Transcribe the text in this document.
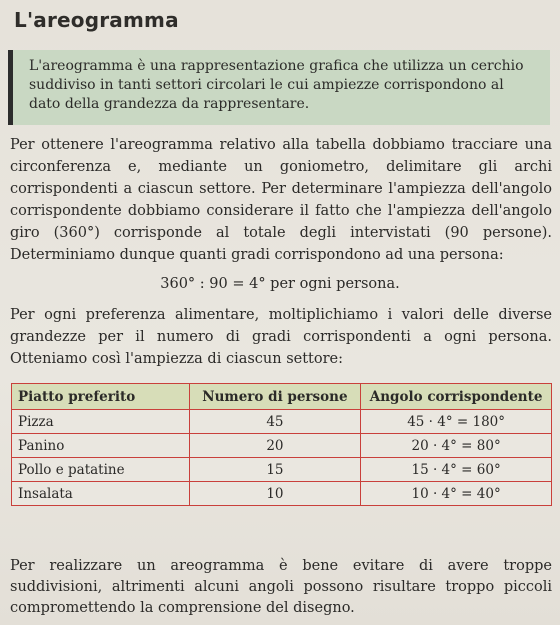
L'areogramma
L'areogramma è una rappresentazione grafica che utilizza un cerchio suddiviso in tanti settori circolari le cui ampiezze corrispondono al dato della grandezza da rappresentare.

Per ottenere l'areogramma relativo alla tabella dobbiamo tracciare una circonferenza e, mediante un goniometro, delimitare gli archi corrispondenti a ciascun settore. Per determinare l'ampiezza dell'angolo corrispondente dobbiamo considerare il fatto che l'ampiezza dell'angolo giro (360°) corrisponde al totale degli intervistati (90 persone). Determiniamo dunque quanti gradi corrispondono ad una persona:

360° : 90 = 4° per ogni persona.

Per ogni preferenza alimentare, moltiplichiamo i valori delle diverse grandezze per il numero di gradi corrispondenti a ogni persona. Otteniamo così l'ampiezza di ciascun settore:

Piatto preferito	Numero di persone	Angolo corrispondente
Pizza	45	45 · 4° = 180°
Panino	20	20 · 4° = 80°
Pollo e patatine	15	15 · 4° = 60°
Insalata	10	10 · 4° = 40°

Per realizzare un areogramma è bene evitare di avere troppe suddivisioni, altrimenti alcuni angoli possono risultare troppo piccoli compromettendo la comprensione del disegno.
